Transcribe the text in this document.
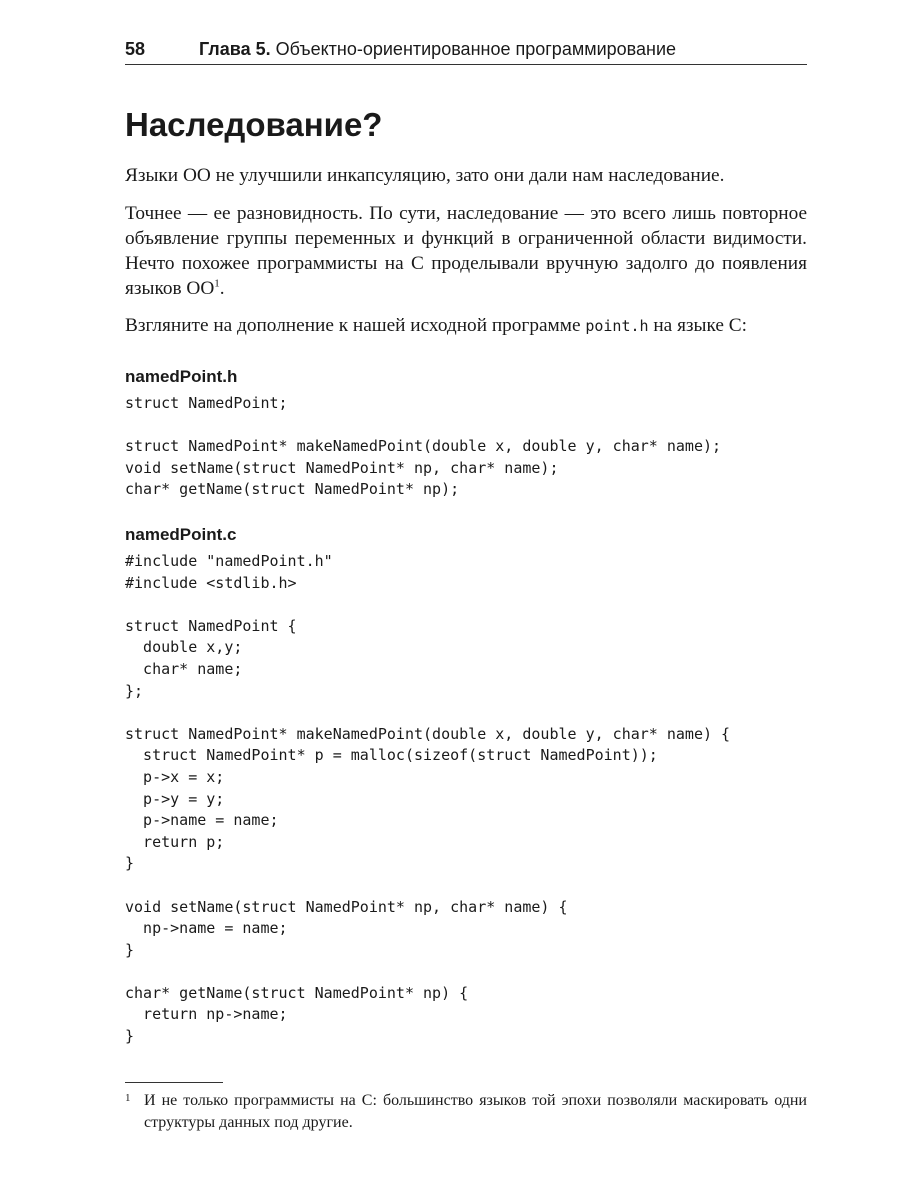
58	Глава 5. Объектно-ориентированное программирование
Наследование?

Языки ОО не улучшили инкапсуляцию, зато они дали нам наследование.

Точнее — ее разновидность. По сути, наследование — это всего лишь повторное объявление группы переменных и функций в ограниченной области видимости. Нечто похожее программисты на C проделывали вручную задолго до появления языков $ОО^1$.

Взгляните на дополнение к нашей исходной программе point.h на языке C:

namedPoint.h

struct NamedPoint;
struct NamedPoint* makeNamedPoint(double x, double y, char* name);
void setName(struct NamedPoint* np, char* name);
char* getName(struct NamedPoint* np);

namedPoint.c

#include "namedPoint.h"
#include <stdlib.h>
struct NamedPoint {
double x,y;
char* name;
};
struct NamedPoint* makeNamedPoint(double x, double y, char* name) {
struct NamedPoint* p = malloc(sizeof(struct NamedPoint));
p->x = x;
p->y = y;
p->name = name;
return p;
}
void setName(struct NamedPoint* np, char* name) {
np->name = name;
}
char* getName(struct NamedPoint* np) {
return np->name;
}

1 И не только программисты на C: большинство языков той эпохи позволяли маскировать одни структуры данных под другие.
